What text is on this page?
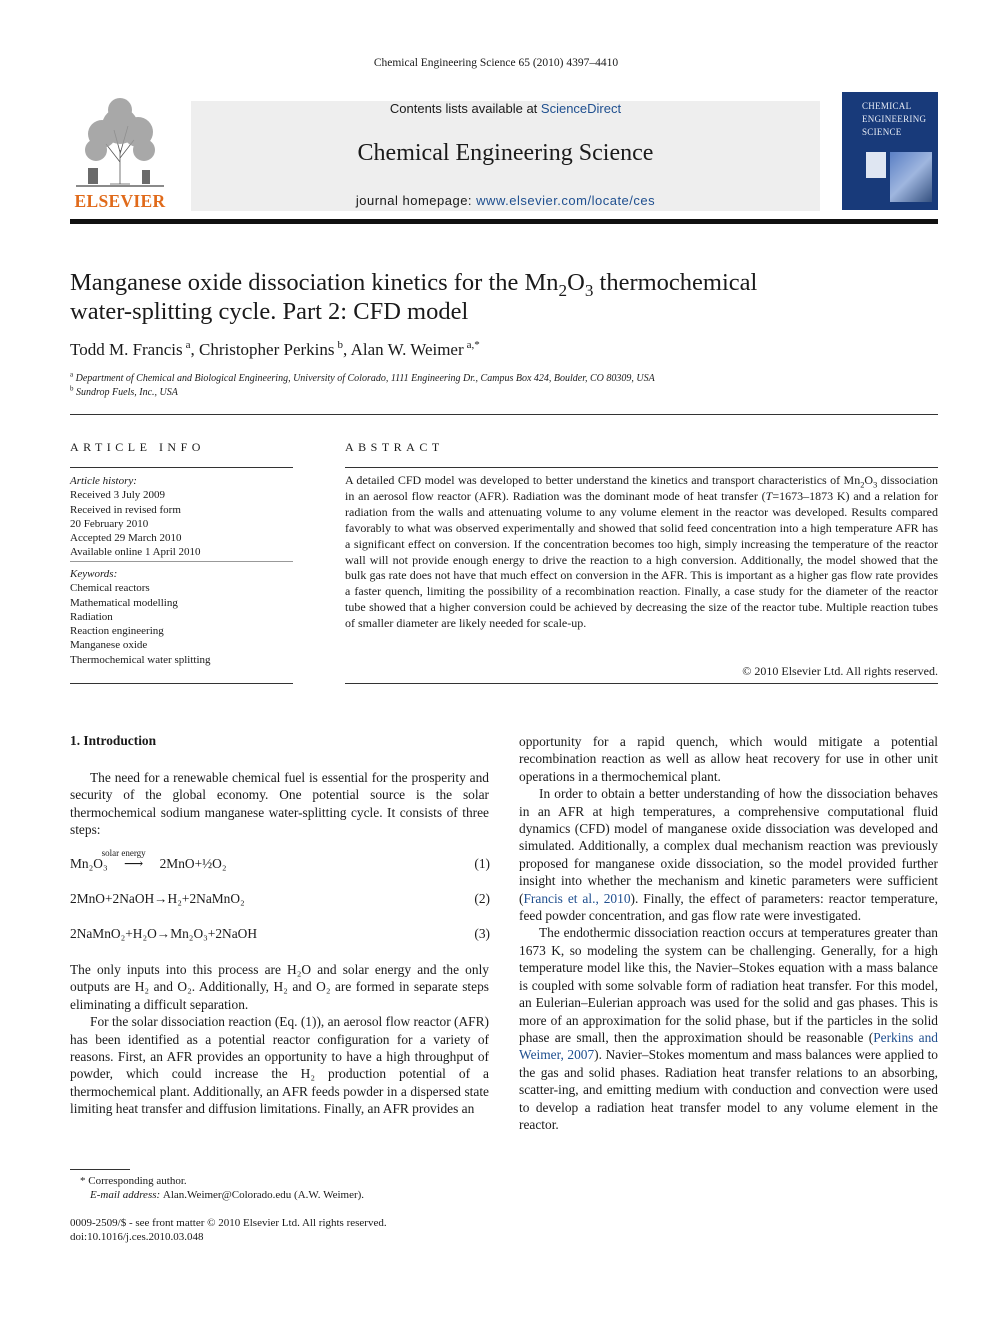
Chemical Engineering Science 65 (2010) 4397–4410
ELSEVIER
Contents lists available at ScienceDirect
Chemical Engineering Science
journal homepage: www.elsevier.com/locate/ces
CHEMICAL
ENGINEERING
SCIENCE
Manganese oxide dissociation kinetics for the $Mn_2O_3$ thermochemical
water-splitting cycle. Part 2: CFD model
Todd M. Francis $^a$, Christopher Perkins $^b$, Alan W. Weimer $^{a,*}$
$^a$ Department of Chemical and Biological Engineering, University of Colorado, 1111 Engineering Dr., Campus Box 424, Boulder, CO 80309, USA
$^b$ Sundrop Fuels, Inc., USA
ARTICLE INFO
Article history:
Received 3 July 2009
Received in revised form
20 February 2010
Accepted 29 March 2010
Available online 1 April 2010
Keywords:
Chemical reactors
Mathematical modelling
Radiation
Reaction engineering
Manganese oxide
Thermochemical water splitting
ABSTRACT
A detailed CFD model was developed to better understand the kinetics and transport characteristics of $Mn_2O_3$ dissociation in an aerosol flow reactor (AFR). Radiation was the dominant mode of heat transfer (T=1673–1873 K) and a relation for radiation from the walls and attenuating volume to any volume element in the reactor was developed. Results compared favorably to what was observed experimentally and showed that solid feed concentration into a high temperature AFR has a significant effect on conversion. If the concentration becomes too high, simply increasing the temperature of the reactor wall will not provide enough energy to drive the reaction to a high conversion. Additionally, the model showed that the bulk gas rate does not have that much effect on conversion in the AFR. This is important as a higher gas flow rate provides a faster quench, limiting the possibility of a recombination reaction. Finally, a case study for the diameter of the reactor tube showed that a higher conversion could be achieved by decreasing the size of the reactor tube. Multiple reaction tubes of smaller diameter are likely needed for scale-up.
© 2010 Elsevier Ltd. All rights reserved.
1. Introduction

The need for a renewable chemical fuel is essential for the prosperity and security of the global economy. One potential source is the solar thermochemical sodium manganese water-splitting cycle. It consists of three steps:

Mn₂O₃
solar energy
⟶ 2MnO+½O₂	(1)
2MnO+2NaOH→H₂+2NaMnO₂	(2)
2NaMnO₂+H₂O→Mn₂O₃+2NaOH	(3)

The only inputs into this process are H₂O and solar energy and the only outputs are H₂ and O₂. Additionally, H₂ and O₂ are formed in separate steps eliminating a difficult separation.

For the solar dissociation reaction (Eq. (1)), an aerosol flow reactor (AFR) has been identified as a potential reactor configuration for a variety of reasons. First, an AFR provides an opportunity to have a high throughput of powder, which could increase the H₂ production potential of a thermochemical plant. Additionally, an AFR feeds powder in a dispersed state limiting heat transfer and diffusion limitations. Finally, an AFR provides an

* Corresponding author.
E-mail address: Alan.Weimer@Colorado.edu (A.W. Weimer).
0009-2509/$ - see front matter © 2010 Elsevier Ltd. All rights reserved.
doi:10.1016/j.ces.2010.03.048

opportunity for a rapid quench, which would mitigate a potential recombination reaction as well as allow heat recovery for use in other unit operations in a thermochemical plant.

In order to obtain a better understanding of how the dissociation behaves in an AFR at high temperatures, a comprehensive computational fluid dynamics (CFD) model of manganese oxide dissociation was developed and simulated. Additionally, a complex dual mechanism reaction was previously proposed for manganese oxide dissociation, so the model provided further insight into whether the mechanism and kinetic parameters were sufficient (Francis et al., 2010). Finally, the effect of parameters: reactor temperature, feed powder concentration, and gas flow rate were investigated.

The endothermic dissociation reaction occurs at temperatures greater than 1673 K, so modeling the system can be challenging. Generally, for a high temperature model like this, the Navier–Stokes equation with a mass balance is coupled with some solvable form of radiation heat transfer. For this model, an Eulerian–Eulerian approach was used for the solid and gas phases. This is more of an approximation for the solid phase, but if the particles in the solid phase are small, then the approximation should be reasonable (Perkins and Weimer, 2007). Navier–Stokes momentum and mass balances were applied to the gas and solid phases. Radiation heat transfer relations to an absorbing, scatter-ing, and emitting medium with conduction and convection were used to develop a radiation heat transfer model to any volume element in the reactor.
